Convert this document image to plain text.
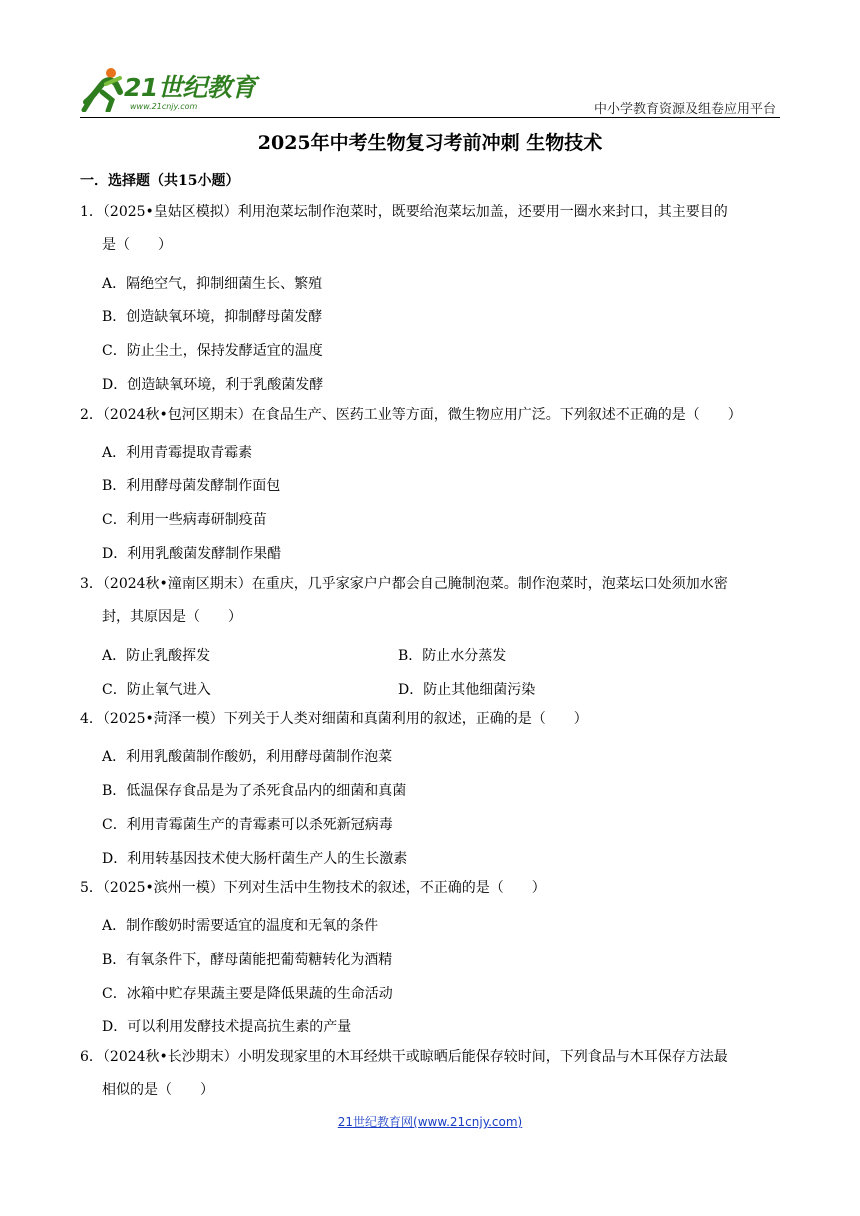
21世纪教育
www.21cnjy.com	中小学教育资源及组卷应用平台
2025年中考生物复习考前冲刺 生物技术
一．选择题（共15小题）
1．（2025•皇姑区模拟）利用泡菜坛制作泡菜时，既要给泡菜坛加盖，还要用一圈水来封口，其主要目的
是（　　）
A．隔绝空气，抑制细菌生长、繁殖
B．创造缺氧环境，抑制酵母菌发酵
C．防止尘土，保持发酵适宜的温度
D．创造缺氧环境，利于乳酸菌发酵
2．（2024秋•包河区期末）在食品生产、医药工业等方面，微生物应用广泛。下列叙述不正确的是（　　）
A．利用青霉提取青霉素
B．利用酵母菌发酵制作面包
C．利用一些病毒研制疫苗
D．利用乳酸菌发酵制作果醋
3．（2024秋•潼南区期末）在重庆，几乎家家户户都会自己腌制泡菜。制作泡菜时，泡菜坛口处须加水密
封，其原因是（　　）
A．防止乳酸挥发	B．防止水分蒸发
C．防止氧气进入	D．防止其他细菌污染
4．（2025•菏泽一模）下列关于人类对细菌和真菌利用的叙述，正确的是（　　）
A．利用乳酸菌制作酸奶，利用酵母菌制作泡菜
B．低温保存食品是为了杀死食品内的细菌和真菌
C．利用青霉菌生产的青霉素可以杀死新冠病毒
D．利用转基因技术使大肠杆菌生产人的生长激素
5．（2025•滨州一模）下列对生活中生物技术的叙述，不正确的是（　　）
A．制作酸奶时需要适宜的温度和无氧的条件
B．有氧条件下，酵母菌能把葡萄糖转化为酒精
C．冰箱中贮存果蔬主要是降低果蔬的生命活动
D．可以利用发酵技术提高抗生素的产量
6．（2024秋•长沙期末）小明发现家里的木耳经烘干或晾晒后能保存较时间，下列食品与木耳保存方法最
相似的是（　　）
21世纪教育网(www.21cnjy.com)
